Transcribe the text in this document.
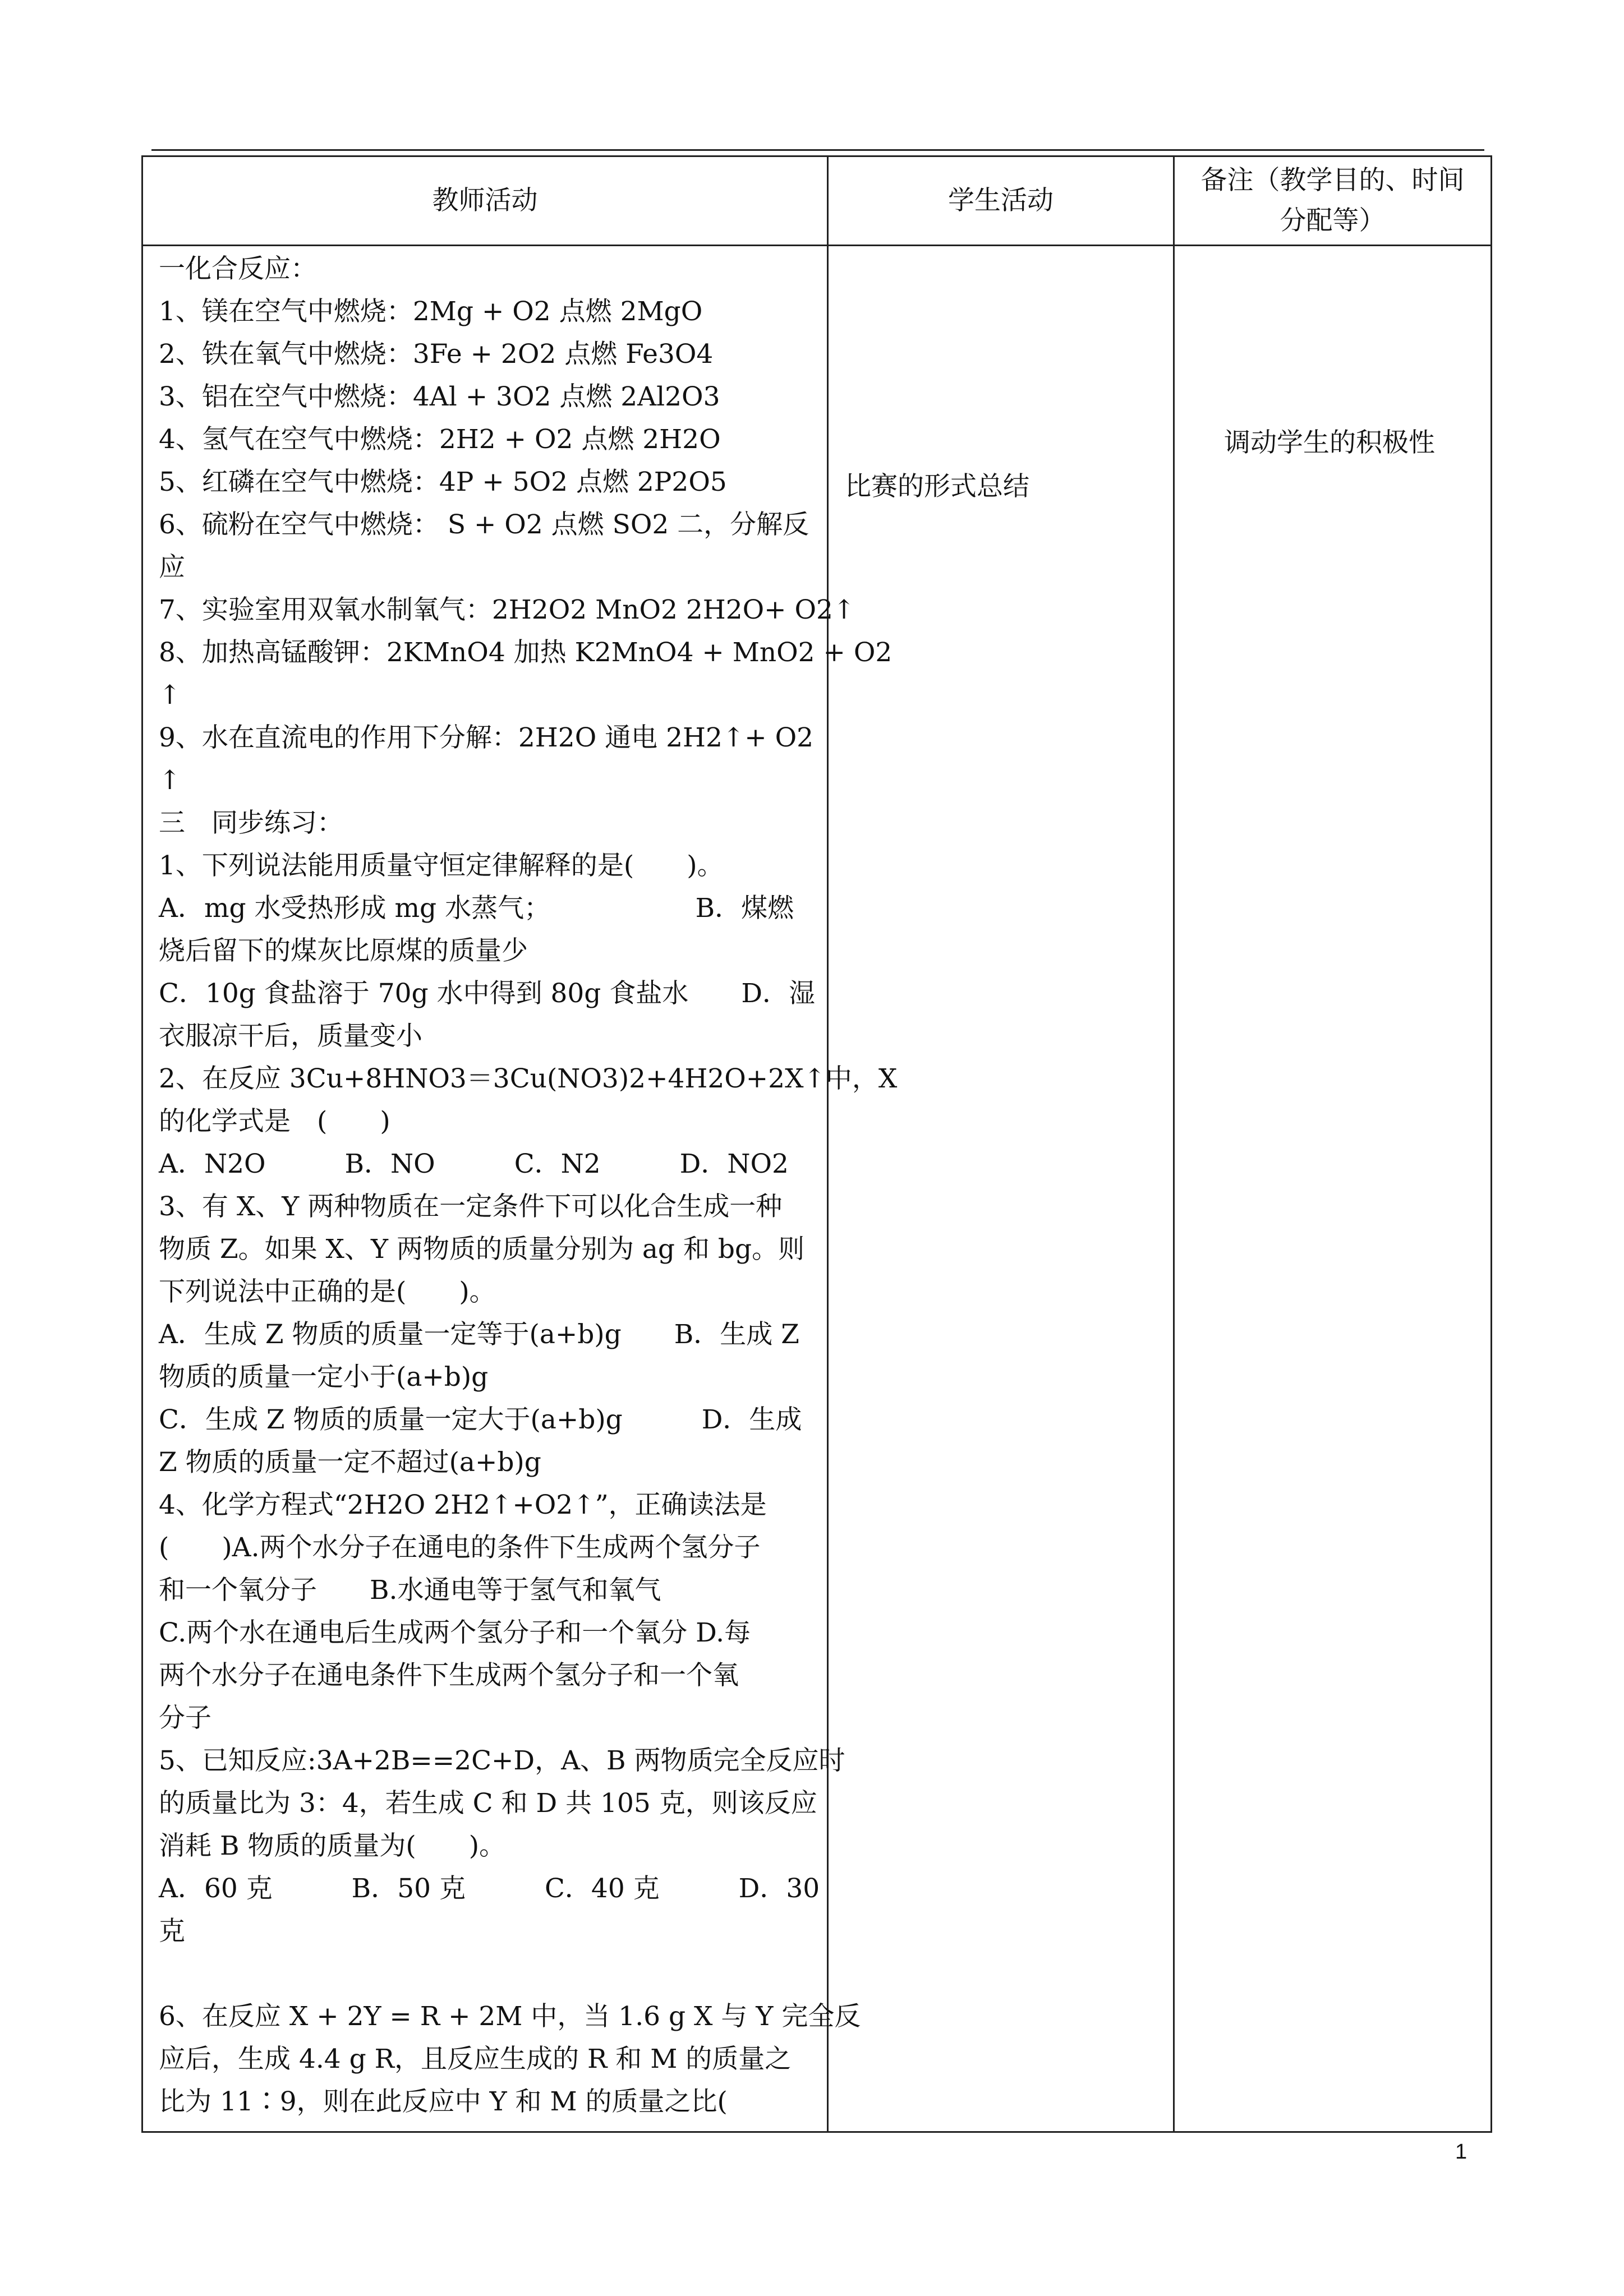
教师活动	学生活动
备注（教学目的、时间
分配等）
一化合反应：
1、镁在空气中燃烧：2Mg + O2 点燃 2MgO
2、铁在氧气中燃烧：3Fe + 2O2 点燃 Fe3O4
3、铝在空气中燃烧：4Al + 3O2 点燃 2Al2O3
4、氢气在空气中燃烧：2H2 + O2 点燃 2H2O
5、红磷在空气中燃烧：4P + 5O2 点燃 2P2O5
6、硫粉在空气中燃烧： S + O2 点燃 SO2 二，分解反
应
7、实验室用双氧水制氧气：2H2O2 MnO2 2H2O+ O2↑
8、加热高锰酸钾：2KMnO4 加热 K2MnO4 + MnO2 + O2
↑
9、水在直流电的作用下分解：2H2O 通电 2H2↑+ O2
↑
三　同步练习：
1、下列说法能用质量守恒定律解释的是(　　)。
A．mg 水受热形成 mg 水蒸气；　　　　　　B．煤燃
烧后留下的煤灰比原煤的质量少
C．10g 食盐溶于 70g 水中得到 80g 食盐水　　D．湿
衣服凉干后，质量变小
2、在反应 3Cu+8HNO3＝3Cu(NO3)2+4H2O+2X↑中，X
的化学式是　(　　)
A．N2O　　　B．NO　　　C．N2　　　D．NO2
3、有 X、Y 两种物质在一定条件下可以化合生成一种
物质 Z。如果 X、Y 两物质的质量分别为 ag 和 bg。则
下列说法中正确的是(　　)。
A．生成 Z 物质的质量一定等于(a+b)g　　B．生成 Z
物质的质量一定小于(a+b)g
C．生成 Z 物质的质量一定大于(a+b)g　　　D．生成
Z 物质的质量一定不超过(a+b)g
4、化学方程式“2H2O 2H2↑+O2↑”，正确读法是
(　　)A.两个水分子在通电的条件下生成两个氢分子
和一个氧分子　　B.水通电等于氢气和氧气
C.两个水在通电后生成两个氢分子和一个氧分 D.每
两个水分子在通电条件下生成两个氢分子和一个氧
分子
5、已知反应:3A+2B==2C+D，A、B 两物质完全反应时
的质量比为 3：4，若生成 C 和 D 共 105 克，则该反应
消耗 B 物质的质量为(　　)。
A．60 克　　　B．50 克　　　C．40 克　　　D．30
克
6、在反应 X + 2Y = R + 2M 中，当 1.6 g X 与 Y 完全反
应后，生成 4.4 g R，且反应生成的 R 和 M 的质量之
比为 11∶9，则在此反应中 Y 和 M 的质量之比(
比赛的形式总结
调动学生的积极性
1
